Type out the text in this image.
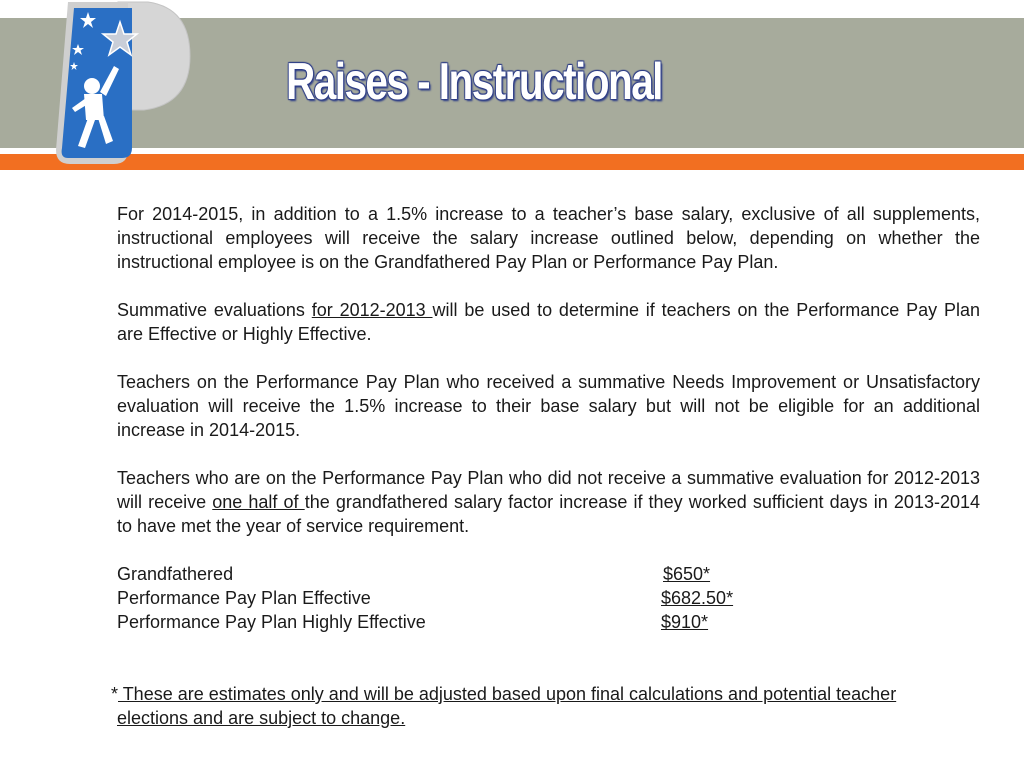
Raises - Instructional

For 2014-2015, in addition to a 1.5% increase to a teacher’s base salary, exclusive of all supplements, instructional employees will receive the salary increase outlined below, depending on whether the instructional employee is on the Grandfathered Pay Plan or Performance Pay Plan.

Summative evaluations for 2012-2013 will be used to determine if teachers on the Performance Pay Plan are Effective or Highly Effective.

Teachers on the Performance Pay Plan who received a summative Needs Improvement or Unsatisfactory evaluation will receive the 1.5% increase to their base salary but will not be eligible for an additional increase in 2014-2015.

Teachers who are on the Performance Pay Plan who did not receive a summative evaluation for 2012-2013 will receive one half of the grandfathered salary factor increase if they worked sufficient days in 2013-2014 to have met the year of service requirement.

Grandfathered	$650*
Performance Pay Plan Effective	$682.50*
Performance Pay Plan Highly Effective	$910*
* These are estimates only and will be adjusted based upon final calculations and potential teacher
elections and are subject to change.
